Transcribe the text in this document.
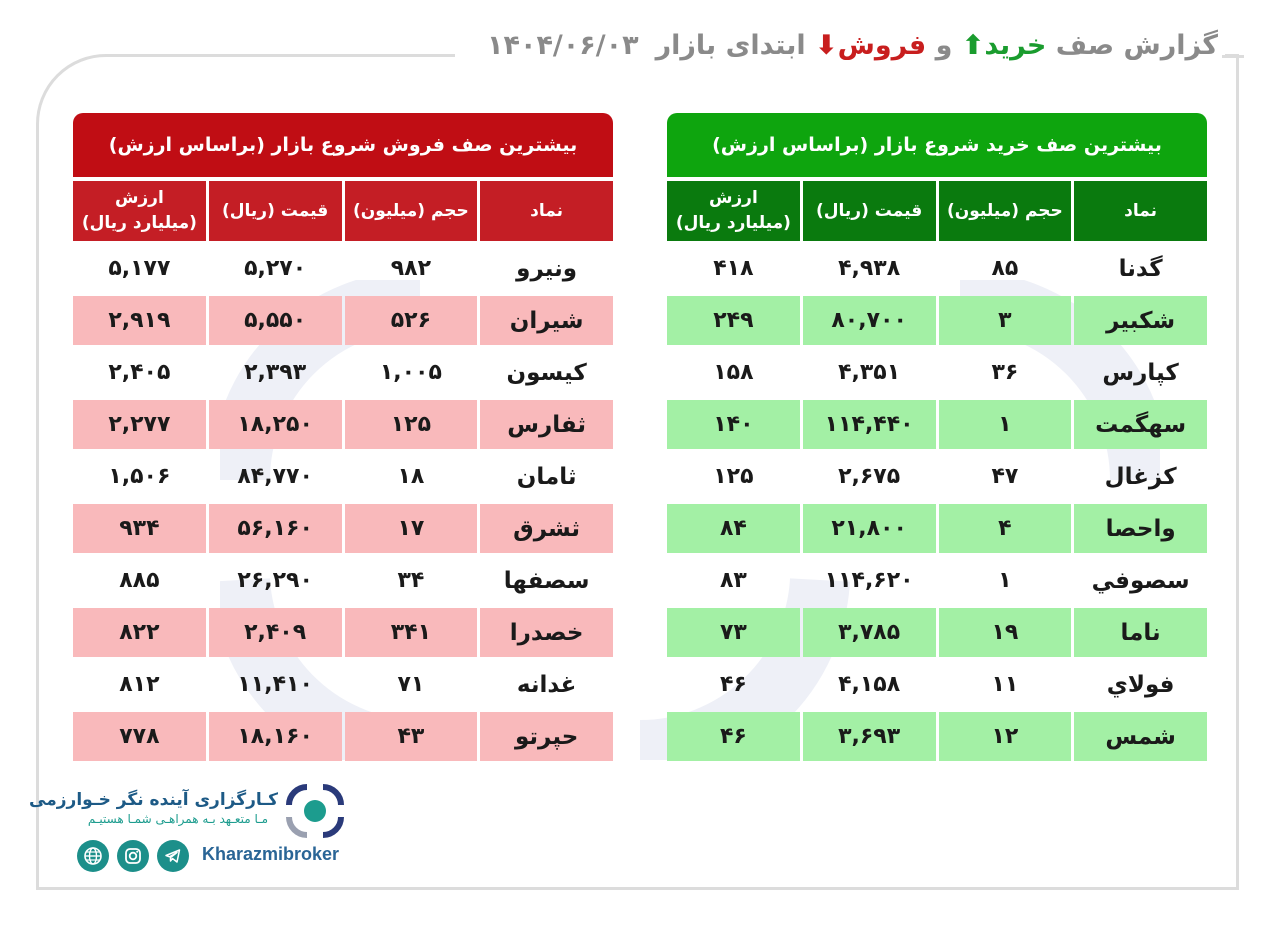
گزارش صف خرید⬆ و فروش⬇ ابتدای بازار
۱۴۰۴/۰۶/۰۳
بیشترین صف فروش شروع بازار (براساس ارزش)
نماد	حجم (میلیون)	قیمت (ریال)	ارزش
(میلیارد ریال)
ونیرو	۹۸۲	۵,۲۷۰	۵,۱۷۷
شیران	۵۲۶	۵,۵۵۰	۲,۹۱۹
کیسون	۱,۰۰۵	۲,۳۹۳	۲,۴۰۵
ثفارس	۱۲۵	۱۸,۲۵۰	۲,۲۷۷
ثامان	۱۸	۸۴,۷۷۰	۱,۵۰۶
ثشرق	۱۷	۵۶,۱۶۰	۹۳۴
سصفها	۳۴	۲۶,۲۹۰	۸۸۵
خصدرا	۳۴۱	۲,۴۰۹	۸۲۲
غدانه	۷۱	۱۱,۴۱۰	۸۱۲
حپرتو	۴۳	۱۸,۱۶۰	۷۷۸
بیشترین صف خرید شروع بازار (براساس ارزش)
نماد	حجم (میلیون)	قیمت (ریال)	ارزش
(میلیارد ریال)
گدنا	۸۵	۴,۹۳۸	۴۱۸
شکبیر	۳	۸۰,۷۰۰	۲۴۹
کپارس	۳۶	۴,۳۵۱	۱۵۸
سهگمت	۱	۱۱۴,۴۴۰	۱۴۰
کزغال	۴۷	۲,۶۷۵	۱۲۵
واحصا	۴	۲۱,۸۰۰	۸۴
سصوفي	۱	۱۱۴,۶۲۰	۸۳
ناما	۱۹	۳,۷۸۵	۷۳
فولاي	۱۱	۴,۱۵۸	۴۶
شمس	۱۲	۳,۶۹۳	۴۶
کـارگزاری آینده نگر خـوارزمی
مـا متعـهد بـه همراهـی شمـا هستیـم
Kharazmibroker
